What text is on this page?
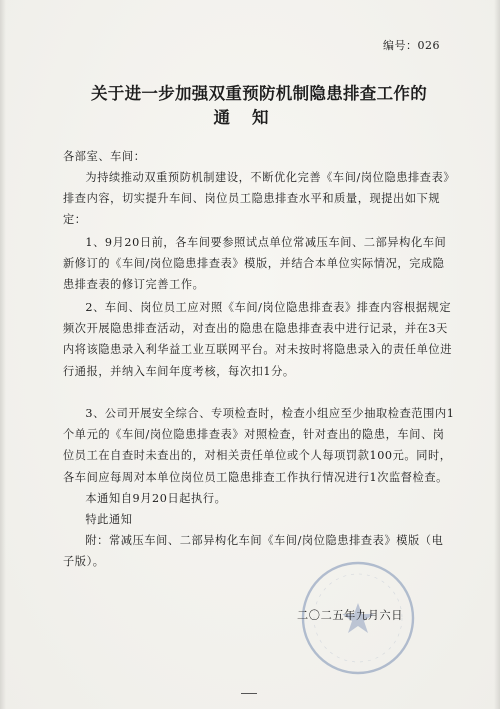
编号：026
关于进一步加强双重预防机制隐患排查工作的
通知
各部室、车间：

为持续推动双重预防机制建设，不断优化完善《车间/岗位隐患排查表》排查内容，切实提升车间、岗位员工隐患排查水平和质量，现提出如下规定：

1、9月20日前，各车间要参照试点单位常减压车间、二部异构化车间新修订的《车间/岗位隐患排查表》模版，并结合本单位实际情况，完成隐患排查表的修订完善工作。

2、车间、岗位员工应对照《车间/岗位隐患排查表》排查内容根据规定频次开展隐患排查活动，对查出的隐患在隐患排查表中进行记录，并在3天内将该隐患录入利华益工业互联网平台。对未按时将隐患录入的责任单位进行通报，并纳入车间年度考核，每次扣1分。

3、公司开展安全综合、专项检查时，检查小组应至少抽取检查范围内1个单元的《车间/岗位隐患排查表》对照检查，针对查出的隐患，车间、岗位员工在自查时未查出的，对相关责任单位或个人每项罚款100元。同时，各车间应每周对本单位岗位员工隐患排查工作执行情况进行1次监督检查。

本通知自9月20日起执行。

特此通知

附：常减压车间、二部异构化车间《车间/岗位隐患排查表》模版（电子版）。

二〇二五年九月六日
